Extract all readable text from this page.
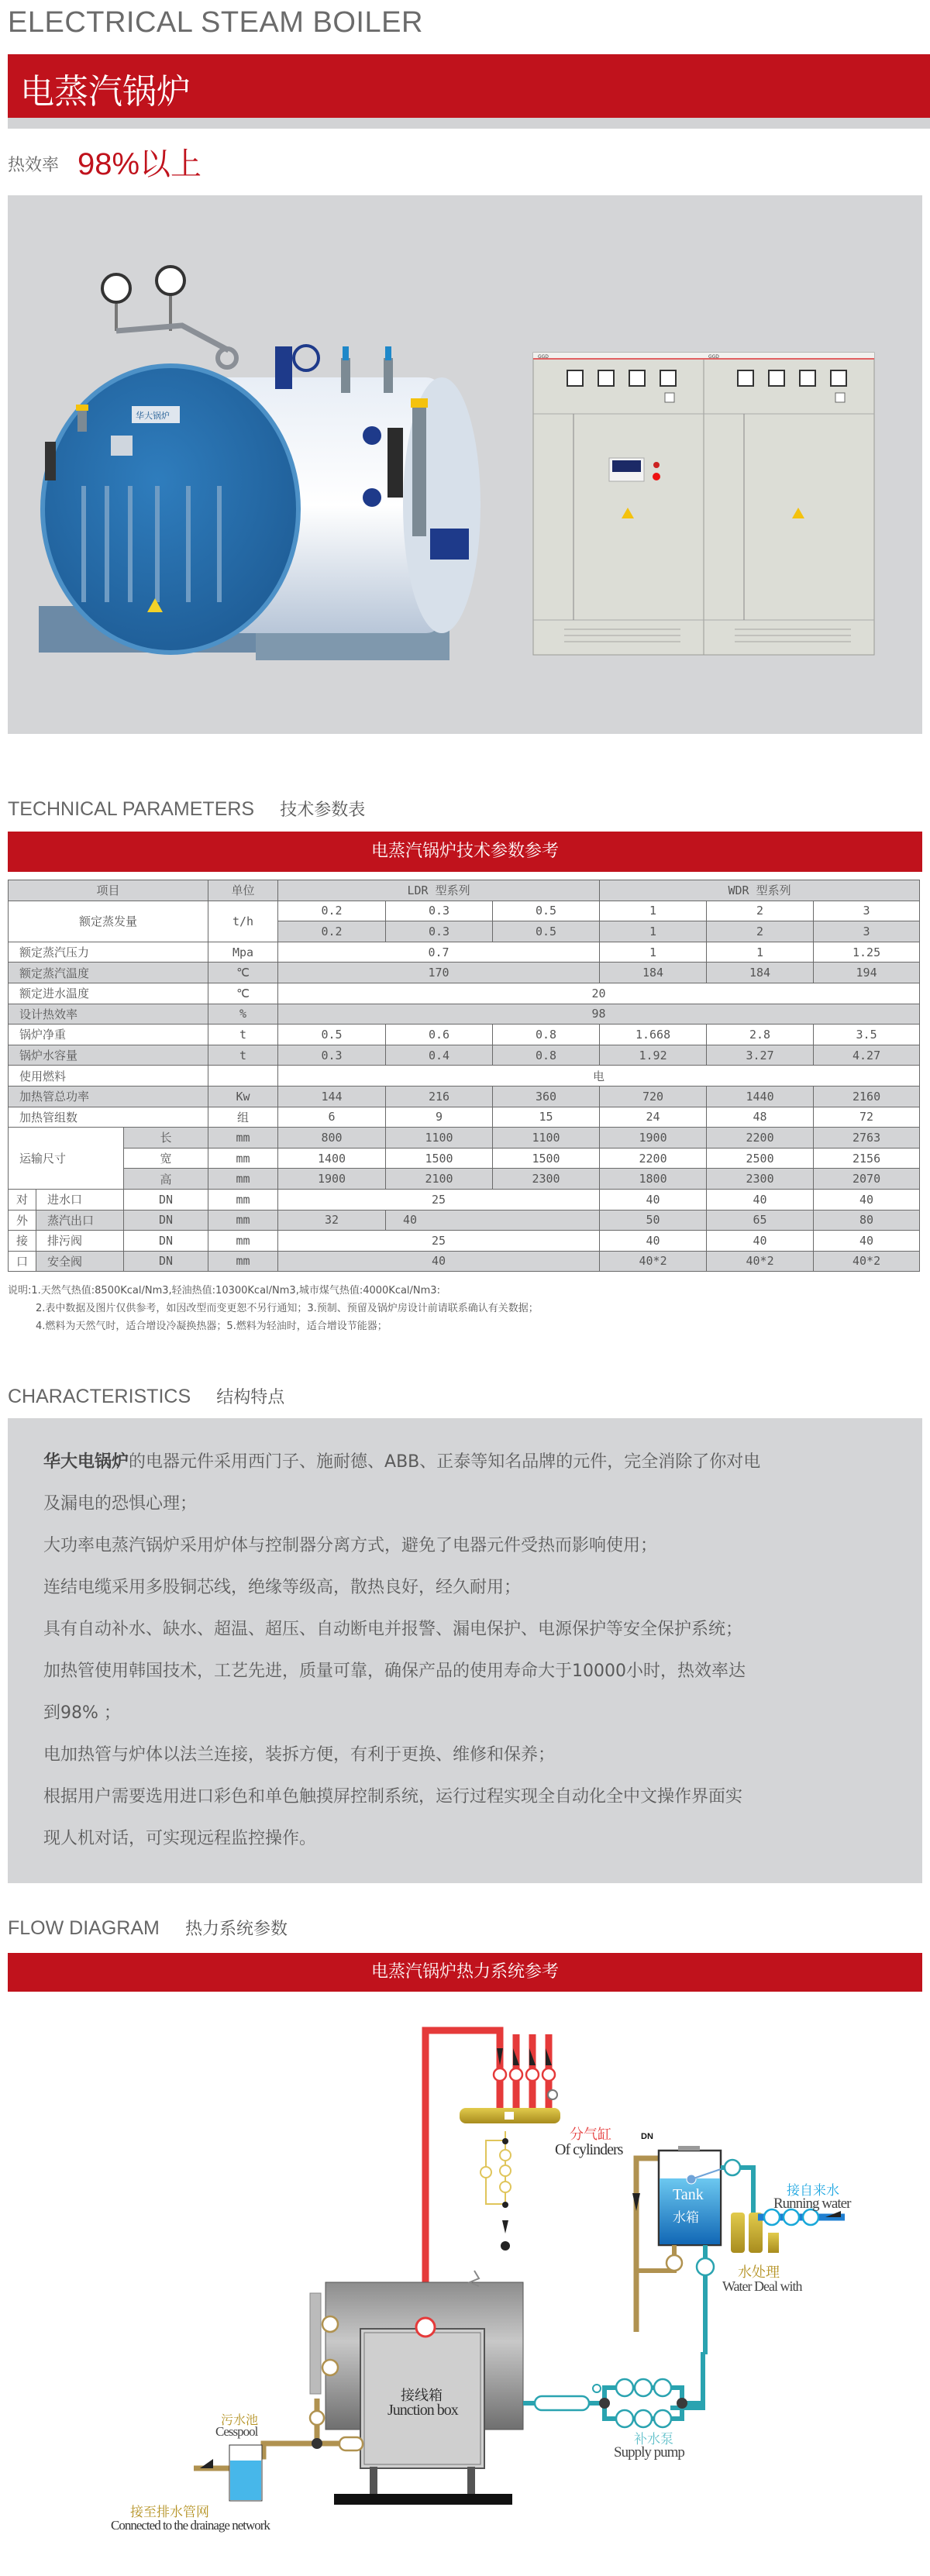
ELECTRICAL STEAM BOILER
电蒸汽锅炉
热效率 98%以上
华大锅炉
GGD	GGD
TECHNICAL PARAMETERS 技术参数表
电蒸汽锅炉技术参数参考
项目			单位	LDR 型系列			WDR 型系列		
额定蒸发量			t/h	0.2	0.3	0.5	1	2	3
				0.2	0.3	0.5	1	2	3
额定蒸汽压力			Mpa	0.7			1	1	1.25
额定蒸汽温度			℃	170			184	184	194
额定进水温度			℃	20					
设计热效率			%	98					
锅炉净重			t	0.5	0.6	0.8	1.668	2.8	3.5
锅炉水容量			t	0.3	0.4	0.8	1.92	3.27	4.27
使用燃料				电					
加热管总功率			Kw	144	216	360	720	1440	2160
加热管组数			组	6	9	15	24	48	72
运输尺寸		长	mm	800	1100	1100	1900	2200	2763
		宽	mm	1400	1500	1500	2200	2500	2156
		高	mm	1900	2100	2300	1800	2300	2070
对	进水口	DN	mm	25			40	40	40
外	蒸汽出口	DN	mm	32	40		50	65	80
接	排污阀	DN	mm	25			40	40	40
口	安全阀	DN	mm	40			40*2	40*2	40*2
说明:1.天然气热值:8500Kcal/Nm3,轻油热值:10300Kcal/Nm3,城市煤气热值:4000Kcal/Nm3:
2.表中数据及图片仅供参考，如因改型而变更恕不另行通知；3.预制、预留及锅炉房设计前请联系确认有关数据；
4.燃料为天然气时，适合增设冷凝换热器；5.燃料为轻油时，适合增设节能器；
CHARACTERISTICS 结构特点

华大电锅炉的电器元件采用西门子、施耐德、ABB、正泰等知名品牌的元件，完全消除了你对电

及漏电的恐惧心理；

大功率电蒸汽锅炉采用炉体与控制器分离方式，避免了电器元件受热而影响使用；

连结电缆采用多股铜芯线，绝缘等级高，散热良好，经久耐用；

具有自动补水、缺水、超温、超压、自动断电并报警、漏电保护、电源保护等安全保护系统；

加热管使用韩国技术，工艺先进，质量可靠，确保产品的使用寿命大于10000小时，热效率达

到98% ；

电加热管与炉体以法兰连接，装拆方便，有利于更换、维修和保养；

根据用户需要选用进口彩色和单色触摸屏控制系统，运行过程实现全自动化全中文操作界面实

现人机对话，可实现远程监控操作。

FLOW DIAGRAM 热力系统参数
电蒸汽锅炉热力系统参考
分气缸
Of cylinders
DN
Tank
水箱
接自来水
Running water
水处理
Water Deal with
接线箱
Junction box
污水池
Cesspool
补水泵
Supply pump
接至排水管网
Connected to the drainage network
